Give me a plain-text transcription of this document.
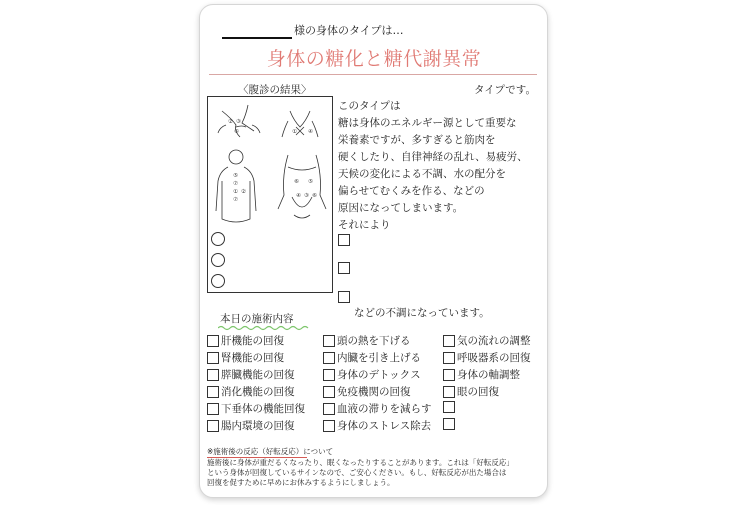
様の身体のタイプは…
身体の糖化と糖代謝異常
タイプです。
〈腹診の結果〉
② ③
⑥	① ④
⑤
⑦
① ②
⑦
⑥ ⑤
④ ③ ⑥
このタイプは
糖は身体のエネルギー源として重要な
栄養素ですが、多すぎると筋肉を
硬くしたり、自律神経の乱れ、易疲労、
天候の変化による不調、水の配分を
偏らせてむくみを作る、などの
原因になってしまいます。
それにより
などの不調になっています。
本日の施術内容
肝機能の回復
腎機能の回復
膵臓機能の回復
消化機能の回復
下垂体の機能回復
腸内環境の回復
頭の熱を下げる
内臓を引き上げる
身体のデトックス
免疫機関の回復
血液の滞りを減らす
身体のストレス除去
気の流れの調整
呼吸器系の回復
身体の軸調整
眼の回復
※施術後の反応（好転反応）について
施術後に身体が重だるくなったり、眠くなったりすることがあります。これは「好転反応」
という身体が回復しているサインなので、ご安心ください。もし、好転反応が出た場合は
回復を促すために早めにお休みするようにしましょう。
